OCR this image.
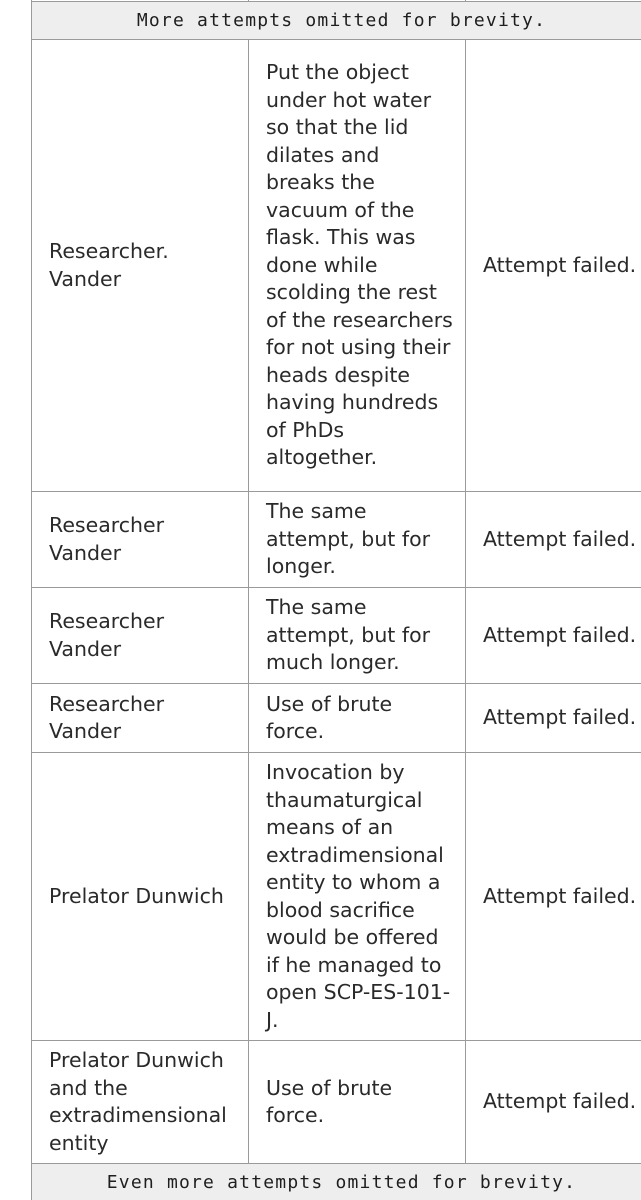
More attempts omitted for brevity.		
Researcher. Vander	Put the object under hot water so that the lid dilates and breaks the vacuum of the flask. This was done while scolding the rest of the researchers for not using their heads despite having hundreds of PhDs altogether.	Attempt failed.
Researcher Vander	The same attempt, but for longer.	Attempt failed.
Researcher Vander	The same attempt, but for much longer.	Attempt failed.
Researcher Vander	Use of brute force.	Attempt failed.
Prelator Dunwich	Invocation by thaumaturgical means of an extradimensional entity to whom a blood sacrifice would be offered if he managed to open SCP-ES-101-J.	Attempt failed.
Prelator Dunwich and the extradimensional entity	Use of brute force.	Attempt failed.
Even more attempts omitted for brevity.		
